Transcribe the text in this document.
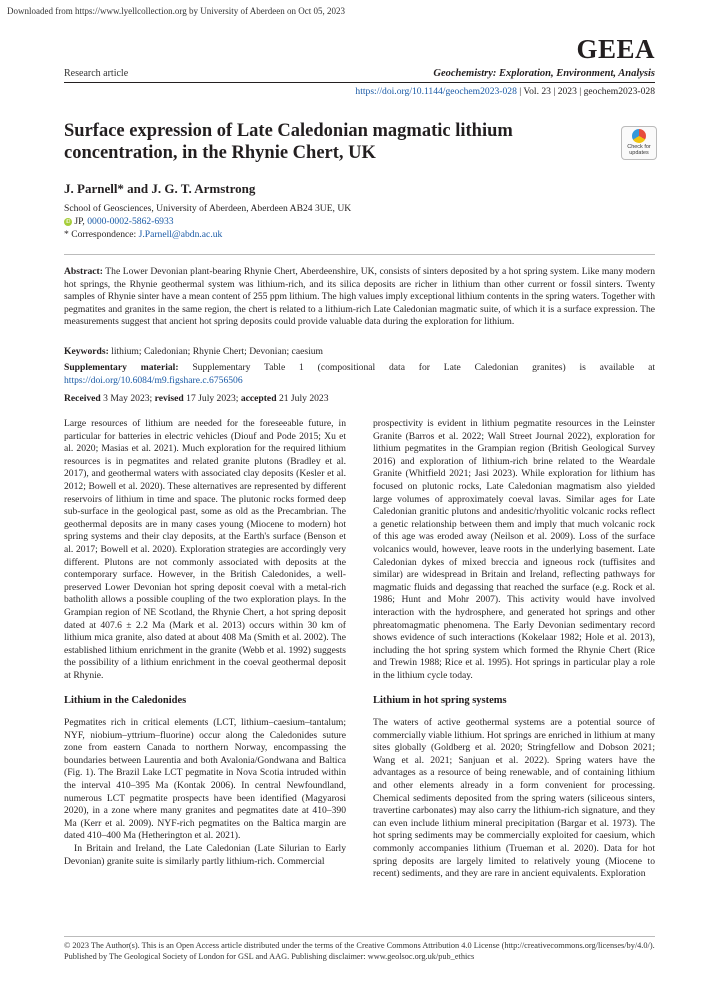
Downloaded from https://www.lyellcollection.org by University of Aberdeen on Oct 05, 2023
Research article
GEEA
Geochemistry: Exploration, Environment, Analysis
https://doi.org/10.1144/geochem2023-028 | Vol. 23 | 2023 | geochem2023-028
Surface expression of Late Caledonian magmatic lithium
concentration, in the Rhynie Chert, UK	Check for
updates
J. Parnell* and J. G. T. Armstrong
School of Geosciences, University of Aberdeen, Aberdeen AB24 3UE, UK
iD JP, 0000-0002-5862-6933
* Correspondence: J.Parnell@abdn.ac.uk
Abstract: The Lower Devonian plant-bearing Rhynie Chert, Aberdeenshire, UK, consists of sinters deposited by a hot spring system. Like many modern hot springs, the Rhynie geothermal system was lithium-rich, and its silica deposits are richer in lithium than other current or fossil sinters. Twenty samples of Rhynie sinter have a mean content of 255 ppm lithium. The high values imply exceptional lithium contents in the spring waters. Together with pegmatites and granites in the same region, the chert is related to a lithium-rich Late Caledonian magmatic suite, of which it is a surface expression. The measurements suggest that ancient hot spring deposits could provide valuable data during the exploration for lithium.
Keywords: lithium; Caledonian; Rhynie Chert; Devonian; caesium
Supplementary material: Supplementary Table 1 (compositional data for Late Caledonian granites) is available at https://doi.org/10.6084/m9.figshare.c.6756506
Received 3 May 2023; revised 17 July 2023; accepted 21 July 2023

Large resources of lithium are needed for the foreseeable future, in particular for batteries in electric vehicles (Diouf and Pode 2015; Xu et al. 2020; Masias et al. 2021). Much exploration for the required lithium resources is in pegmatites and related granite plutons (Bradley et al. 2017), and geothermal waters with associated clay deposits (Kesler et al. 2012; Bowell et al. 2020). These alternatives are represented by different reservoirs of lithium in time and space. The plutonic rocks formed deep sub-surface in the geological past, some as old as the Precambrian. The geothermal deposits are in many cases young (Miocene to modern) hot spring systems and their clay deposits, at the Earth's surface (Benson et al. 2017; Bowell et al. 2020). Exploration strategies are accordingly very different. Plutons are not commonly associated with deposits at the contemporary surface. However, in the British Caledonides, a well-preserved Lower Devonian hot spring deposit coeval with a metal-rich batholith allows a possible coupling of the two exploration plays. In the Grampian region of NE Scotland, the Rhynie Chert, a hot spring deposit dated at 407.6 ± 2.2 Ma (Mark et al. 2013) occurs within 30 km of lithium mica granite, also dated at about 408 Ma (Smith et al. 2002). The established lithium enrichment in the granite (Webb et al. 1992) suggests the possibility of a lithium enrichment in the coeval geothermal deposit at Rhynie.

Lithium in the Caledonides

Pegmatites rich in critical elements (LCT, lithium–caesium–tantalum; NYF, niobium–yttrium–fluorine) occur along the Caledonides suture zone from eastern Canada to northern Norway, encompassing the boundaries between Laurentia and both Avalonia/Gondwana and Baltica (Fig. 1). The Brazil Lake LCT pegmatite in Nova Scotia intruded within the interval 410–395 Ma (Kontak 2006). In central Newfoundland, numerous LCT pegmatite prospects have been identified (Magyarosi 2020), in a zone where many granites and pegmatites date at 410–390 Ma (Kerr et al. 2009). NYF-rich pegmatites on the Baltica margin are dated 410–400 Ma (Hetherington et al. 2021).

In Britain and Ireland, the Late Caledonian (Late Silurian to Early Devonian) granite suite is similarly partly lithium-rich. Commercial

prospectivity is evident in lithium pegmatite resources in the Leinster Granite (Barros et al. 2022; Wall Street Journal 2022), exploration for lithium pegmatites in the Grampian region (British Geological Survey 2016) and exploration of lithium-rich brine related to the Weardale Granite (Whitfield 2021; Jasi 2023). While exploration for lithium has focused on plutonic rocks, Late Caledonian magmatism also yielded large volumes of approximately coeval lavas. Similar ages for Late Caledonian granitic plutons and andesitic/rhyolitic volcanic rocks reflect a genetic relationship between them and imply that much volcanic rock of this age was eroded away (Neilson et al. 2009). Loss of the surface volcanics would, however, leave roots in the underlying basement. Late Caledonian dykes of mixed breccia and igneous rock (tuffisites and similar) are widespread in Britain and Ireland, reflecting pathways for magmatic fluids and degassing that reached the surface (e.g. Rock et al. 1986; Hunt and Mohr 2007). This activity would have involved interaction with the hydrosphere, and generated hot springs and other phreatomagmatic phenomena. The Early Devonian sedimentary record shows evidence of such interactions (Kokelaar 1982; Hole et al. 2013), including the hot spring system which formed the Rhynie Chert (Rice and Trewin 1988; Rice et al. 1995). Hot springs in particular play a role in the lithium cycle today.

Lithium in hot spring systems

The waters of active geothermal systems are a potential source of commercially viable lithium. Hot springs are enriched in lithium at many sites globally (Goldberg et al. 2020; Stringfellow and Dobson 2021; Wang et al. 2021; Sanjuan et al. 2022). Spring waters have the advantages as a resource of being renewable, and of containing lithium and other elements already in a form convenient for processing. Chemical sediments deposited from the spring waters (siliceous sinters, travertine carbonates) may also carry the lithium-rich signature, and they can even include lithium mineral precipitation (Bargar et al. 1973). The hot spring sediments may be commercially exploited for caesium, which commonly accompanies lithium (Trueman et al. 2020). Data for hot spring deposits are largely limited to relatively young (Miocene to recent) sediments, and they are rare in ancient equivalents. Exploration

© 2023 The Author(s). This is an Open Access article distributed under the terms of the Creative Commons Attribution 4.0 License (http://creativecommons.org/licenses/by/4.0/). Published by The Geological Society of London for GSL and AAG. Publishing disclaimer: www.geolsoc.org.uk/pub_ethics
